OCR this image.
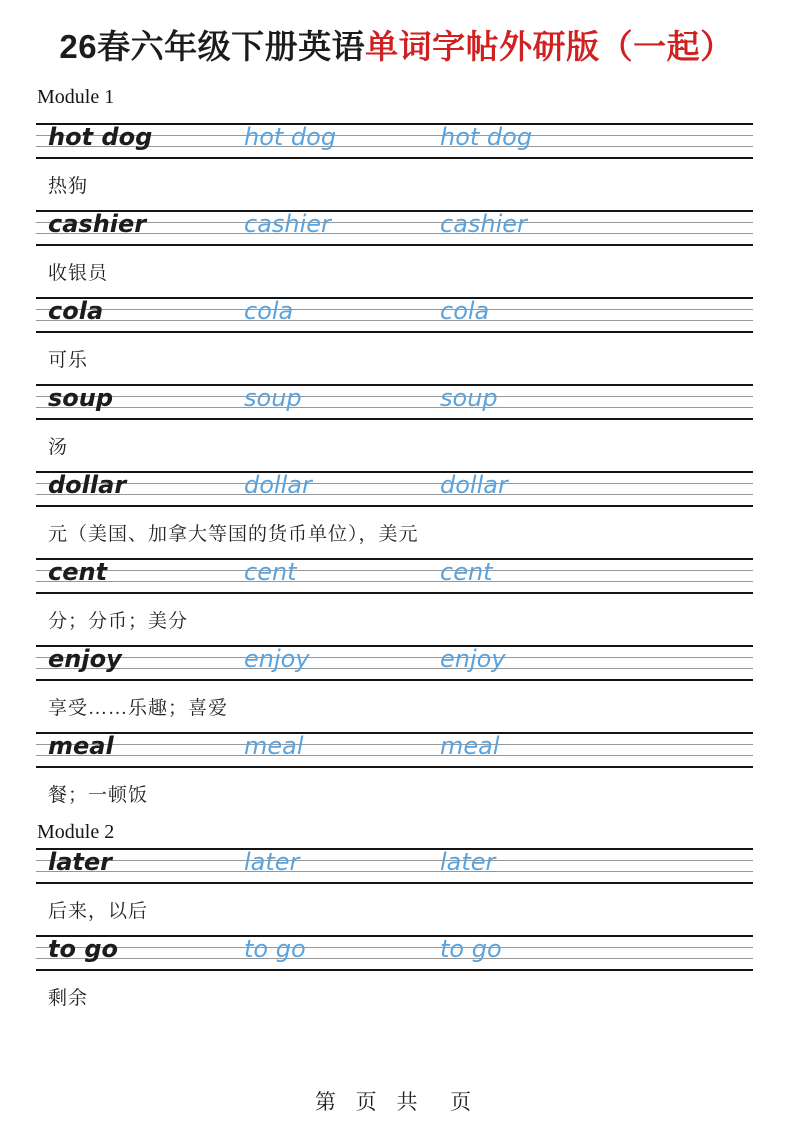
26春六年级下册英语单词字帖外研版（一起）
Module 1
hot dog	hot dog	hot dog
热狗
cashier	cashier	cashier
收银员
cola	cola	cola
可乐
soup	soup	soup
汤
dollar	dollar	dollar
元（美国、加拿大等国的货币单位），美元
cent	cent	cent
分；分币；美分
enjoy	enjoy	enjoy
享受……乐趣；喜爱
meal	meal	meal
餐；一顿饭
Module 2
later	later	later
后来，以后
to go	to go	to go
剩余
第 页 共  页
